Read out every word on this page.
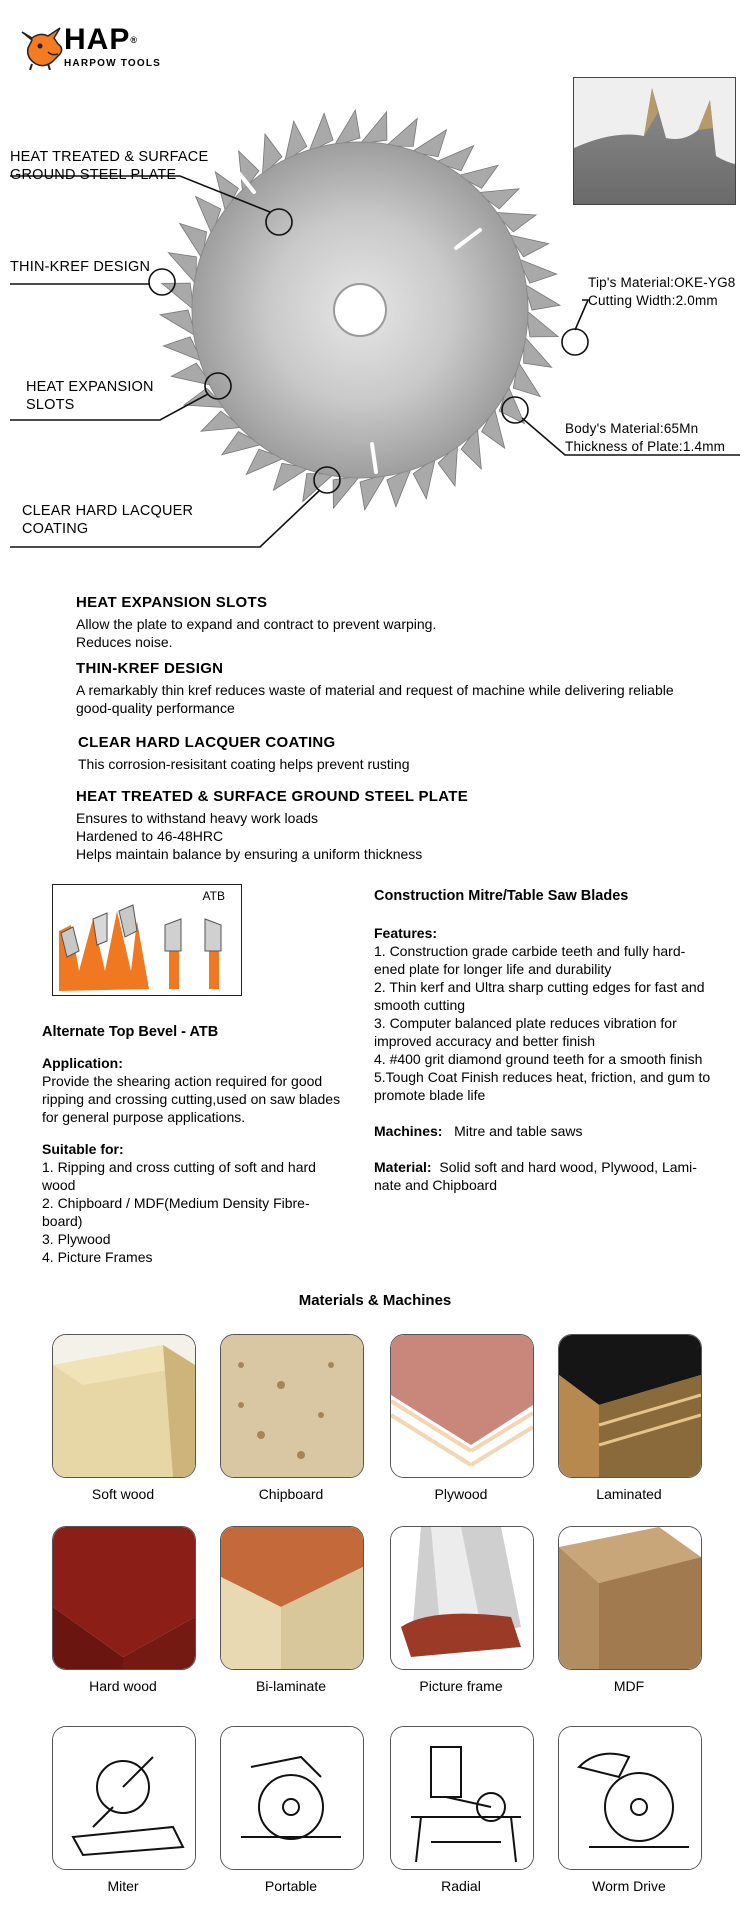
HAP®
HARPOW TOOLS
HEAT TREATED & SURFACE
GROUND STEEL PLATE
THIN-KREF DESIGN
HEAT EXPANSION
SLOTS
CLEAR HARD LACQUER
COATING
Tip's Material:OKE-YG8
Cutting Width:2.0mm
Body's Material:65Mn
Thickness of Plate:1.4mm
HEAT EXPANSION SLOTS

Allow the plate to expand and contract to prevent warping.

Reduces noise.

THIN-KREF DESIGN

A remarkably thin kref reduces waste of material and request of machine while delivering reliable

good-quality performance

CLEAR HARD LACQUER COATING

This corrosion-resisitant coating helps prevent rusting

HEAT TREATED & SURFACE GROUND STEEL PLATE

Ensures to withstand heavy work loads

Hardened to 46-48HRC

Helps maintain balance by ensuring a uniform thickness

ATB
Alternate Top Bevel - ATB
Application:
Provide the shearing action required for good
ripping and crossing cutting,used on saw blades
for general purpose applications.
Suitable for:
1. Ripping and cross cutting of soft and hard
wood
2. Chipboard / MDF(Medium Density Fibre-
board)
3. Plywood
4. Picture Frames
Construction Mitre/Table Saw Blades
Features:
1. Construction grade carbide teeth and fully hard-
ened plate for longer life and durability
2. Thin kerf and Ultra sharp cutting edges for fast and
smooth cutting
3. Computer balanced plate reduces vibration for
improved accuracy and better finish
4. #400 grit diamond ground teeth for a smooth finish
5.Tough Coat Finish reduces heat, friction, and gum to
promote blade life
Machines: Mitre and table saws
Material: Solid soft and hard wood, Plywood, Lami-
nate and Chipboard
Materials & Machines
Soft wood	Chipboard	Plywood	Laminated
Hard wood	Bi-laminate	Picture frame	MDF
Miter	Portable	Radial	Worm Drive
